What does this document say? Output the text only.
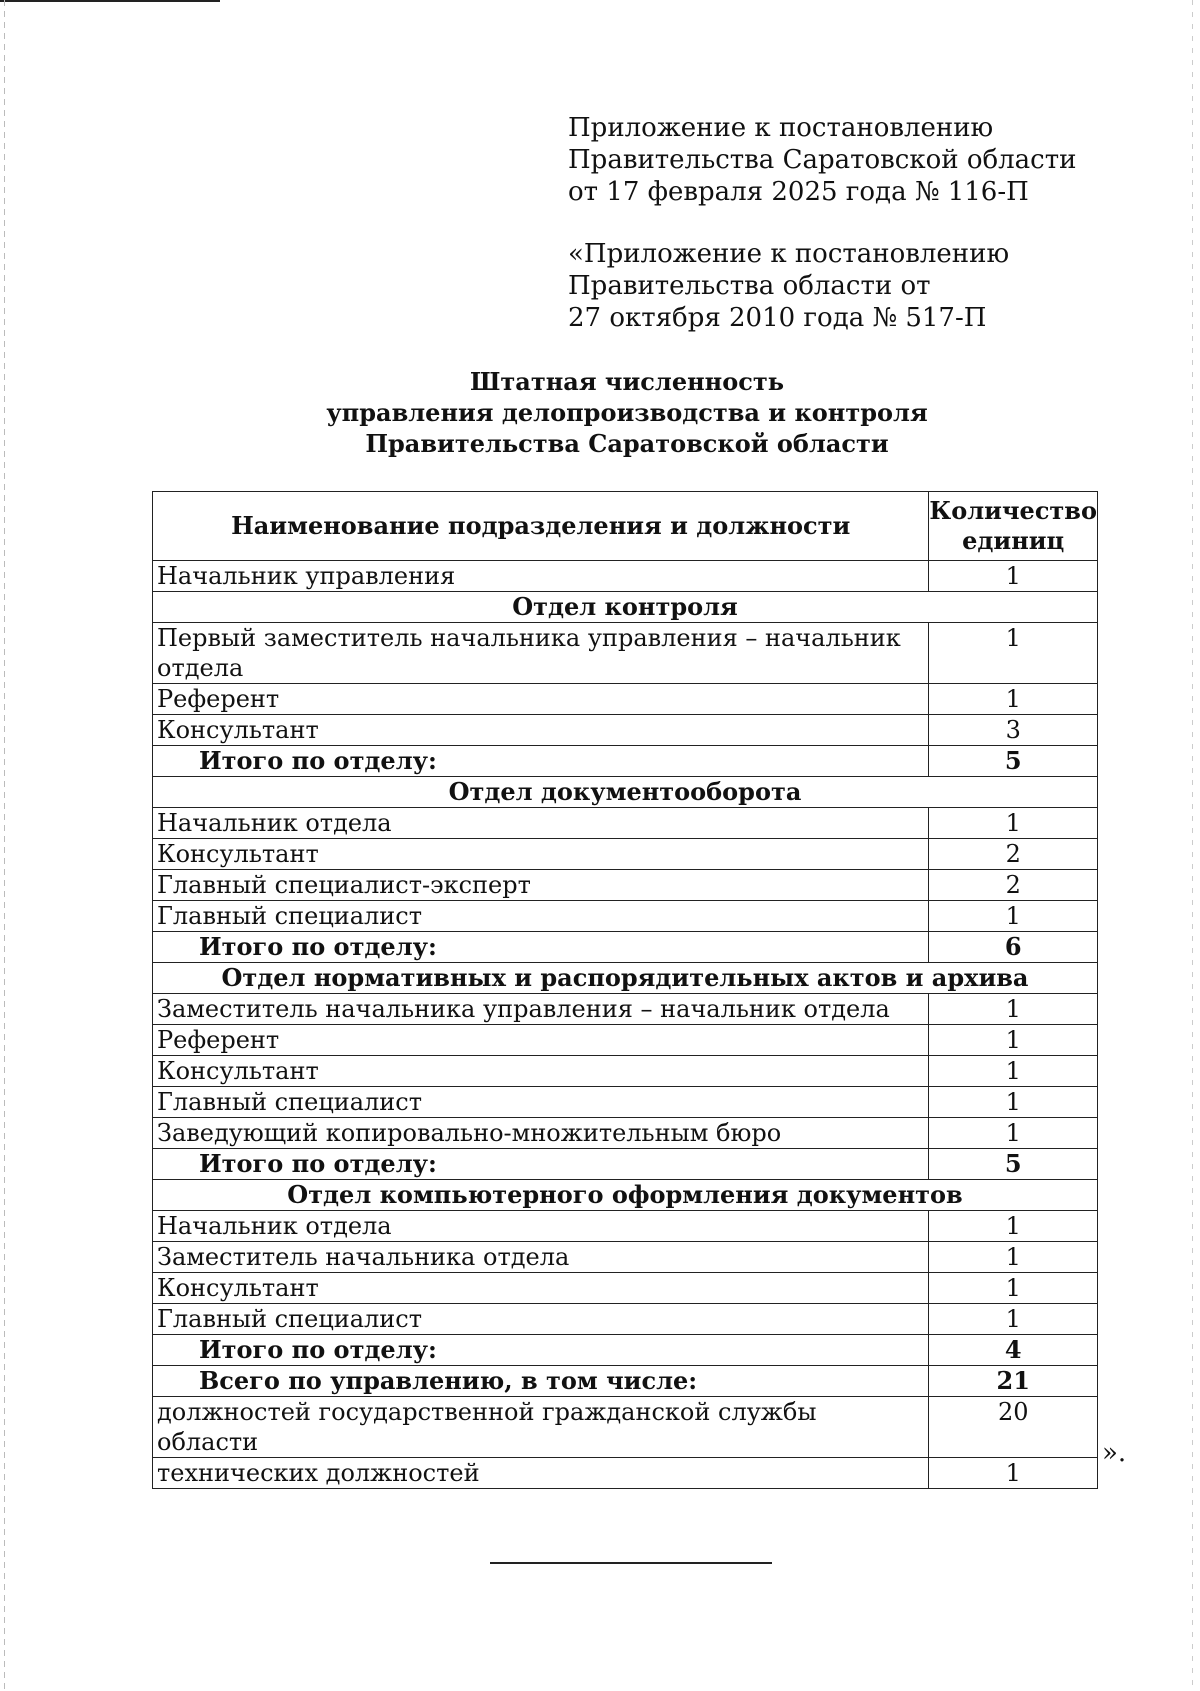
Приложение к постановлению

Правительства Саратовской области

от 17 февраля 2025 года № 116-П

«Приложение к постановлению

Правительства области от

27 октября 2010 года № 517-П

Штатная численность

управления делопроизводства и контроля

Правительства Саратовской области

Наименование подразделения и должности	Количество единиц
Начальник управления	1
Отдел контроля	
Первый заместитель начальника управления – начальник отдела	1
Референт	1
Консультант	3
Итого по отделу:	5
Отдел документооборота	
Начальник отдела	1
Консультант	2
Главный специалист-эксперт	2
Главный специалист	1
Итого по отделу:	6
Отдел нормативных и распорядительных актов и архива	
Заместитель начальника управления – начальник отдела	1
Референт	1
Консультант	1
Главный специалист	1
Заведующий копировально-множительным бюро	1
Итого по отделу:	5
Отдел компьютерного оформления документов	
Начальник отдела	1
Заместитель начальника отдела	1
Консультант	1
Главный специалист	1
Итого по отделу:	4
Всего по управлению, в том числе:	21
должностей государственной гражданской службы области	20
технических должностей	1
».
